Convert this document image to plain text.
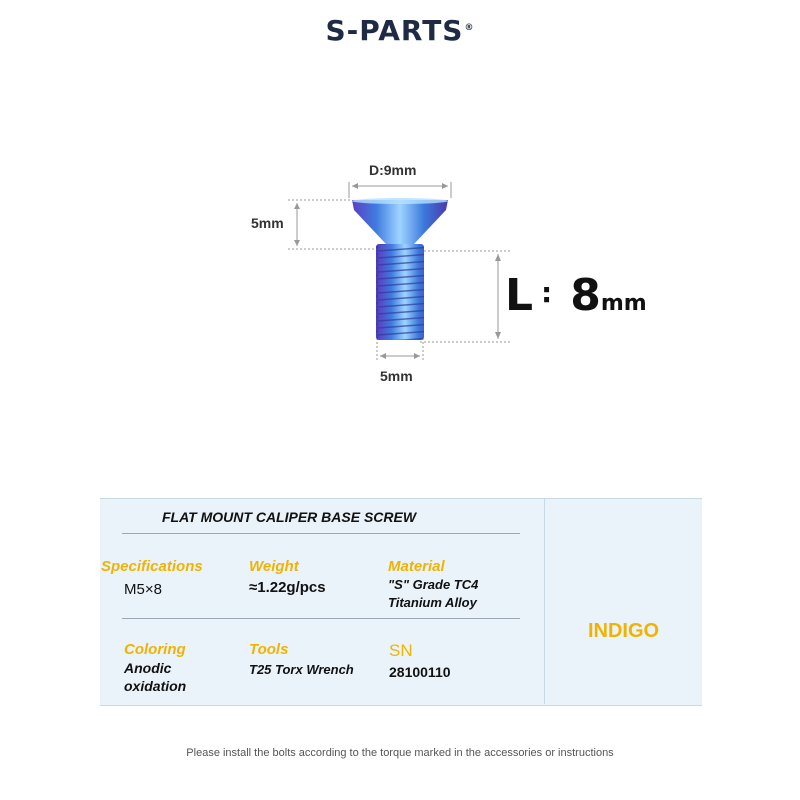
S-PARTS®
D:9mm
5mm
5mm
L : 8mm
FLAT MOUNT CALIPER BASE SCREW
Specifications
M5×8
Weight
≈1.22g/pcs
Material
"S" Grade TC4
Titanium Alloy
Coloring
Anodic
oxidation
Tools
T25 Torx Wrench
SN
28100110
INDIGO
Please install the bolts according to the torque marked in the accessories or instructions
